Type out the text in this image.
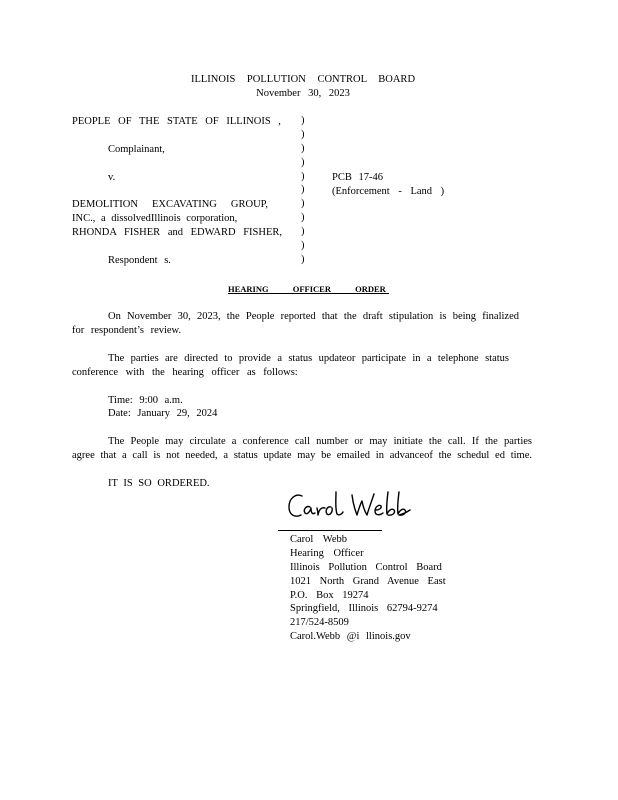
ILLINOIS POLLUTION CONTROL BOARD
November 30, 2023
PEOPLE OF THE STATE OF ILLINOIS ,
Complainant,
v.
DEMOLITION EXCAVATING GROUP,
INC., a dissolvedIllinois corporation,
RHONDA FISHER and EDWARD FISHER,
Respondent s.
)
)
)
)
)
)
)
)
)
)
)
PCB 17-46
(Enforcement - Land )
HEARING OFFICER ORDER
On November 30, 2023, the People reported that the draft stipulation is being finalized
for respondent’s review.
The parties are directed to provide a status updateor participate in a telephone status
conference with the hearing officer as follows:
Time: 9:00 a.m.
Date: January 29, 2024
The People may circulate a conference call number or may initiate the call. If the parties
agree that a call is not needed, a status update may be emailed in advanceof the schedul ed time.
IT IS SO ORDERED.
Carol Webb
Hearing Officer
Illinois Pollution Control Board
1021 North Grand Avenue East
P.O. Box 19274
Springfield, Illinois 62794-9274
217/524-8509
Carol.Webb @i llinois.gov
